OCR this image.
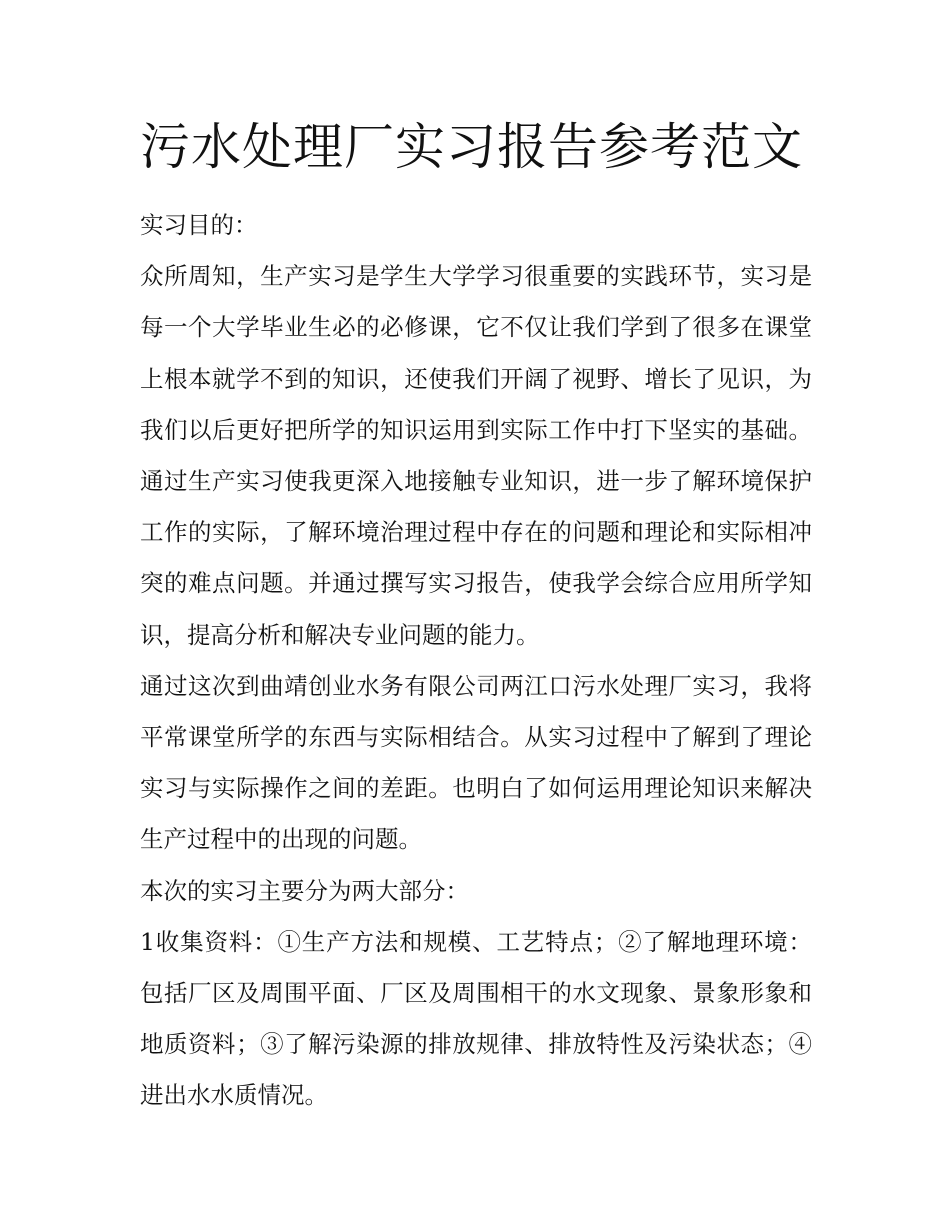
污水处理厂实习报告参考范文

实习目的：

众所周知，生产实习是学生大学学习很重要的实践环节，实习是每一个大学毕业生必的必修课，它不仅让我们学到了很多在课堂上根本就学不到的知识，还使我们开阔了视野、增长了见识，为我们以后更好把所学的知识运用到实际工作中打下坚实的基础。通过生产实习使我更深入地接触专业知识，进一步了解环境保护工作的实际，了解环境治理过程中存在的问题和理论和实际相冲突的难点问题。并通过撰写实习报告，使我学会综合应用所学知识，提高分析和解决专业问题的能力。

通过这次到曲靖创业水务有限公司两江口污水处理厂实习，我将平常课堂所学的东西与实际相结合。从实习过程中了解到了理论实习与实际操作之间的差距。也明白了如何运用理论知识来解决生产过程中的出现的问题。

本次的实习主要分为两大部分：

1收集资料：①生产方法和规模、工艺特点；②了解地理环境：包括厂区及周围平面、厂区及周围相干的水文现象、景象形象和地质资料；③了解污染源的排放规律、排放特性及污染状态；④进出水水质情况。
